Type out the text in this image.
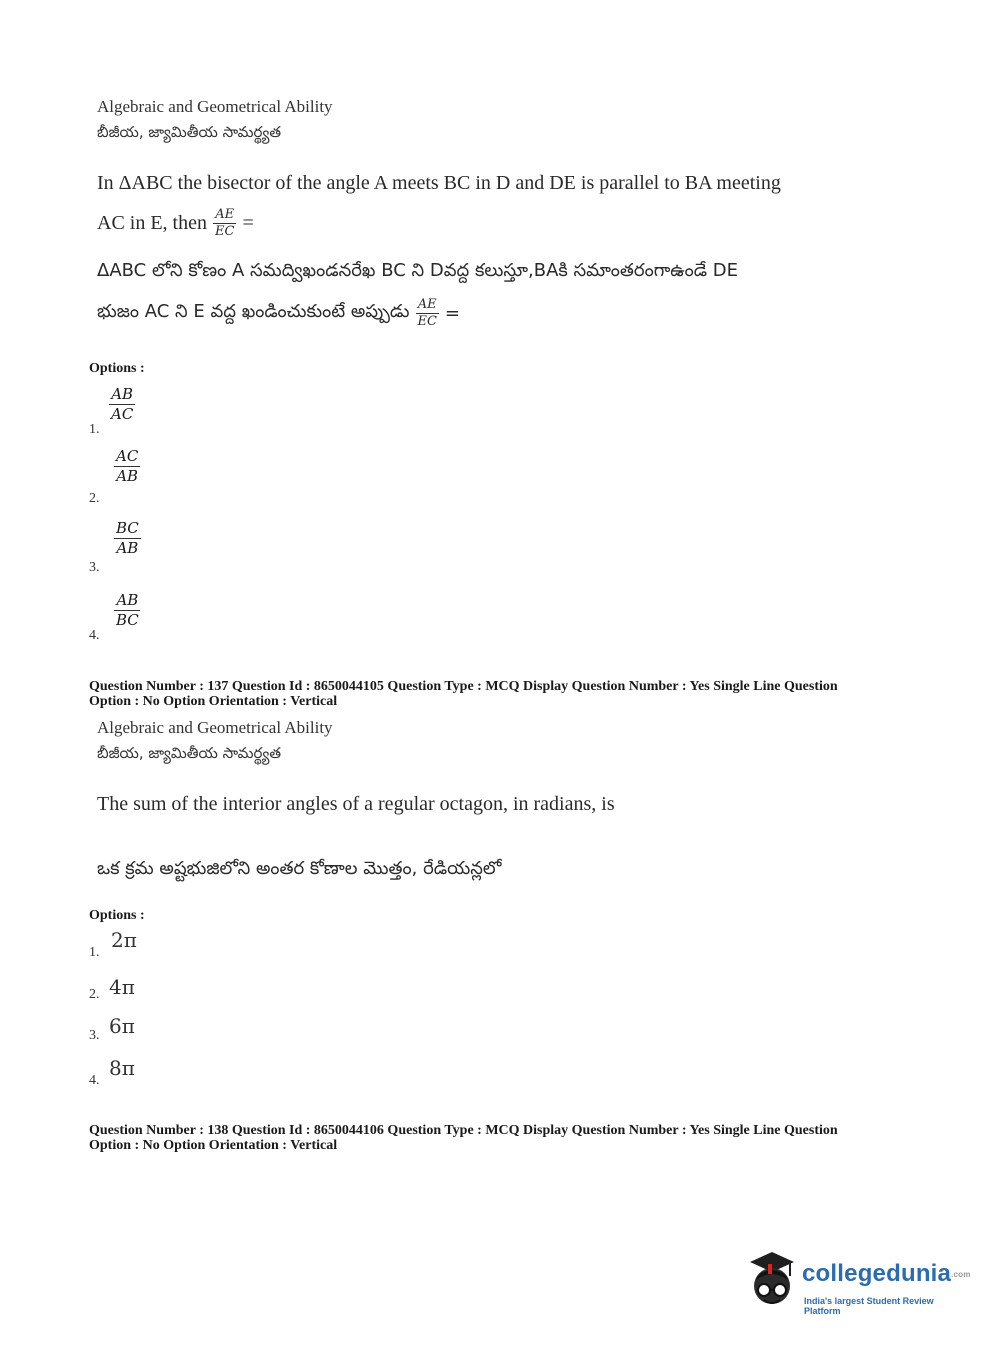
Algebraic and Geometrical Ability
బీజీయ, జ్యామితీయ సామర్థ్యత
In ΔABC the bisector of the angle A meets BC in D and DE is parallel to BA meeting
AC in E, then $\frac{AE}{EC}$ =
ΔABC లోని కోణం A సమద్విఖండనరేఖ BC ని Dవద్ద కలుస్తూ,BAకి సమాంతరంగాఉండే DE
భుజం AC ని E వద్ద ఖండించుకుంటే అప్పుడు $\frac{AE}{EC}$ =
Options :
$\frac{AB}{AC}$
1.
$\frac{AC}{AB}$
2.
$\frac{BC}{AB}$
3.
$\frac{AB}{BC}$
4.
Question Number : 137 Question Id : 8650044105 Question Type : MCQ Display Question Number : Yes Single Line Question
Option : No Option Orientation : Vertical
Algebraic and Geometrical Ability
బీజీయ, జ్యామితీయ సామర్థ్యత
The sum of the interior angles of a regular octagon, in radians, is
ఒక క్రమ అష్టభుజిలోని అంతర కోణాల మొత్తం, రేడియన్లలో
Options :
2π
1.
4π
2.
6π
3.
8π
4.
Question Number : 138 Question Id : 8650044106 Question Type : MCQ Display Question Number : Yes Single Line Question
Option : No Option Orientation : Vertical
collegedunia.com
India's largest Student Review Platform
